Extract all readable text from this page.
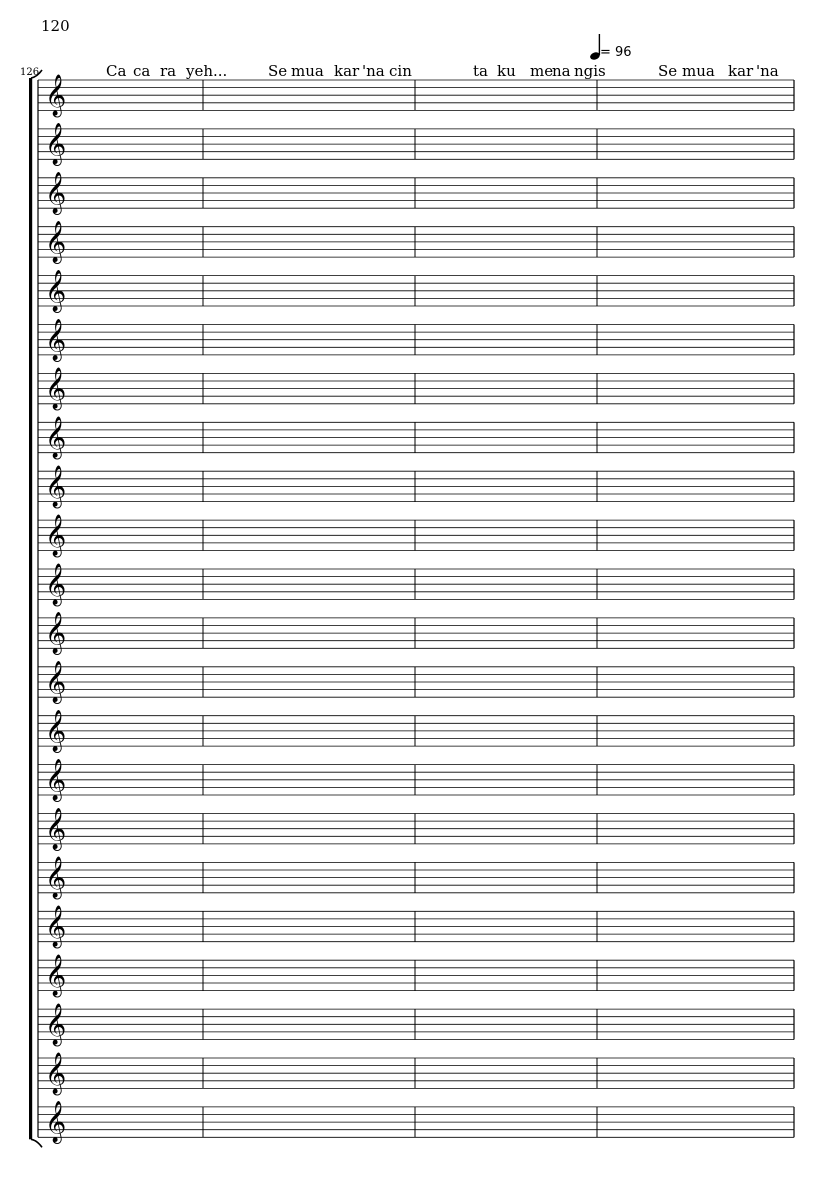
120
126
= 96
Ca ca ra yeh...	Se mua kar 'na cin	ta ku me
na ngis	Se mua kar 'na
𝄞
𝄞
𝄞
𝄞
𝄞
𝄞
𝄞
𝄞
𝄞
𝄞
𝄞
𝄞
𝄞
𝄞
𝄞
𝄞
𝄞
𝄞
𝄞
𝄞
𝄞
𝄞
